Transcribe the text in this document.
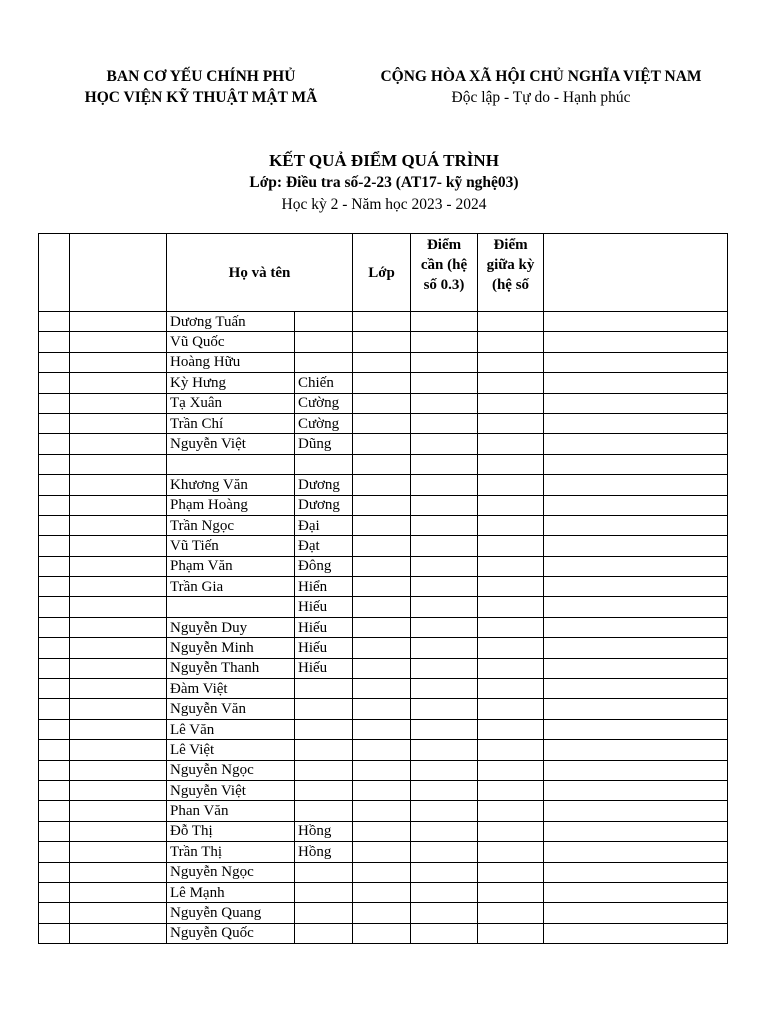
BAN CƠ YẾU CHÍNH PHỦ
HỌC VIỆN KỸ THUẬT MẬT MÃ
CỘNG HÒA XÃ HỘI CHỦ NGHĨA VIỆT NAM
Độc lập - Tự do - Hạnh phúc
KẾT QUẢ ĐIỂM QUÁ TRÌNH
Lớp: Điều tra số-2-23 (AT17- kỹ nghệ03)
Học kỳ 2 - Năm học 2023 - 2024
		Họ và tên		Lớp	Điểm cần (hệ số 0.3)	Điểm giữa kỳ (hệ số	
		Dương Tuấn					
		Vũ Quốc					
		Hoàng Hữu					
		Kỳ Hưng	Chiến				
		Tạ Xuân	Cường				
		Trần Chí	Cường				
		Nguyễn Việt	Dũng				

		Khương Văn	Dương				
		Phạm Hoàng	Dương				
		Trần Ngọc	Đại				
		Vũ Tiến	Đạt				
		Phạm Văn	Đông				
		Trần Gia	Hiển				
			Hiếu				
		Nguyễn Duy	Hiếu				
		Nguyễn Minh	Hiếu				
		Nguyễn Thanh	Hiếu				
		Đàm Việt					
		Nguyễn Văn					
		Lê Văn					
		Lê Việt					
		Nguyễn Ngọc					
		Nguyễn Việt					
		Phan Văn					
		Đỗ Thị	Hồng				
		Trần Thị	Hồng				
		Nguyễn Ngọc					
		Lê Mạnh					
		Nguyễn Quang					
		Nguyễn Quốc					
